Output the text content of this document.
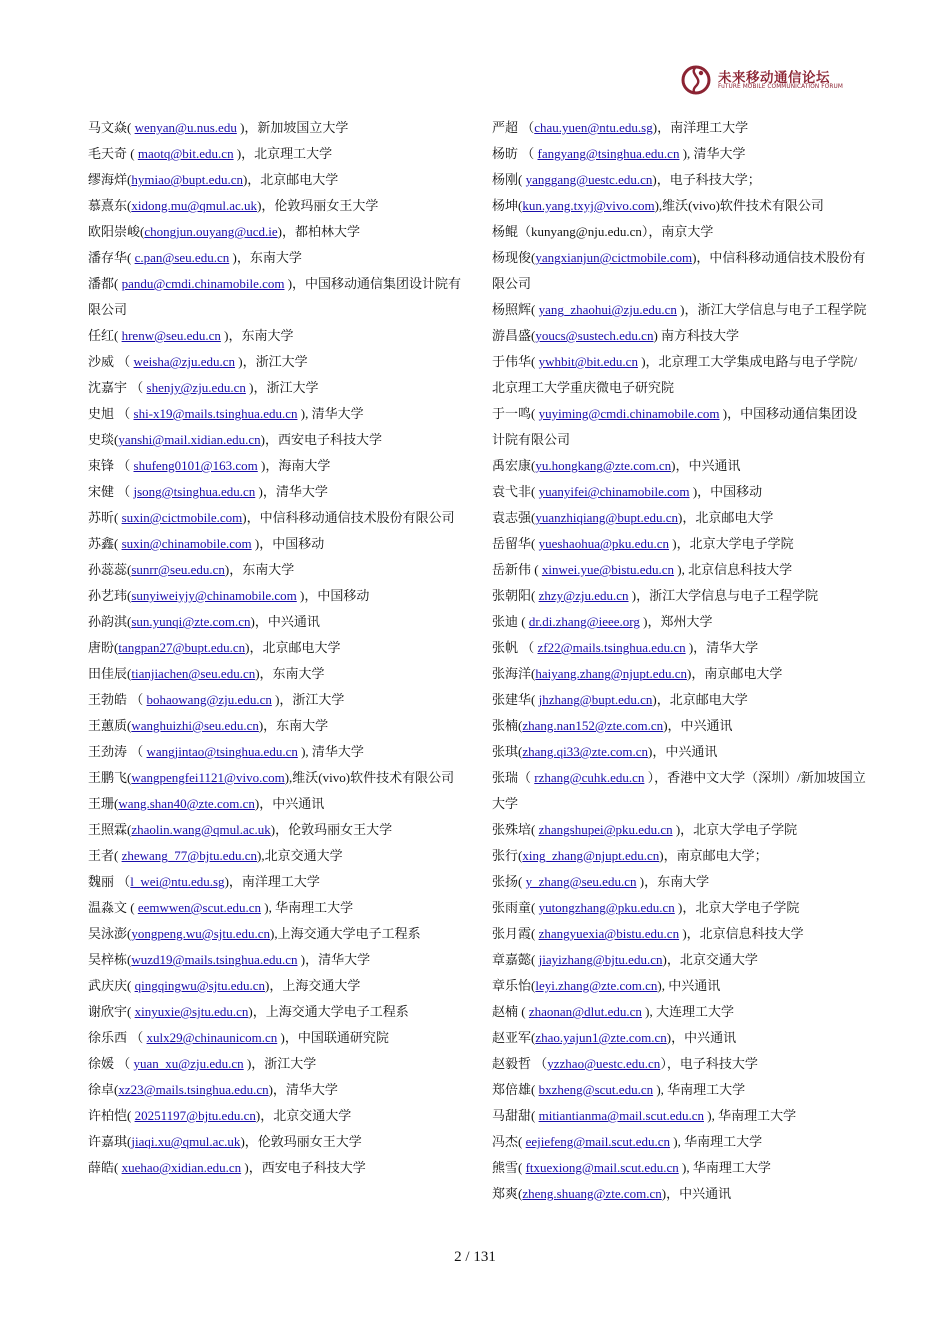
未来移动通信论坛
FuTURE MOBILE COMMUNICATION FORUM
马文焱( wenyan@u.nus.edu )，新加坡国立大学
毛天奇 ( maotq@bit.edu.cn )，北京理工大学
缪海烊(hymiao@bupt.edu.cn)，北京邮电大学
慕熹东(xidong.mu@qmul.ac.uk)，伦敦玛丽女王大学
欧阳崇峻(chongjun.ouyang@ucd.ie)，都柏林大学
潘存华( c.pan@seu.edu.cn )，东南大学
潘都( pandu@cmdi.chinamobile.com )，中国移动通信集团设计院有限公司
任红( hrenw@seu.edu.cn )，东南大学
沙威 （ weisha@zju.edu.cn )，浙江大学
沈嘉宇 （ shenjy@zju.edu.cn )，浙江大学
史旭 （ shi-x19@mails.tsinghua.edu.cn ), 清华大学
史琰(yanshi@mail.xidian.edu.cn)，西安电子科技大学
束锋 （ shufeng0101@163.com )，海南大学
宋健 （ jsong@tsinghua.edu.cn )，清华大学
苏昕( suxin@cictmobile.com)，中信科移动通信技术股份有限公司
苏鑫( suxin@chinamobile.com )，中国移动
孙蕊蕊(sunrr@seu.edu.cn)，东南大学
孙艺玮(sunyiweiyjy@chinamobile.com )，中国移动
孙韵淇(sun.yunqi@zte.com.cn)，中兴通讯
唐盼(tangpan27@bupt.edu.cn)，北京邮电大学
田佳辰(tianjiachen@seu.edu.cn)，东南大学
王勃皓 （ bohaowang@zju.edu.cn )，浙江大学
王蕙质(wanghuizhi@seu.edu.cn)，东南大学
王劲涛 （ wangjintao@tsinghua.edu.cn ), 清华大学
王鹏飞(wangpengfei1121@vivo.com),维沃(vivo)软件技术有限公司
王珊(wang.shan40@zte.com.cn)，中兴通讯
王照霖(zhaolin.wang@qmul.ac.uk)，伦敦玛丽女王大学
王者( zhewang_77@bjtu.edu.cn),北京交通大学
魏丽 （l_wei@ntu.edu.sg)，南洋理工大学
温淼文 ( eemwwen@scut.edu.cn ), 华南理工大学
吴泳澎(yongpeng.wu@sjtu.edu.cn),上海交通大学电子工程系
吴梓栋(wuzd19@mails.tsinghua.edu.cn )，清华大学
武庆庆( qingqingwu@sjtu.edu.cn)，上海交通大学
谢欣宇( xinyuxie@sjtu.edu.cn)，上海交通大学电子工程系
徐乐西 （ xulx29@chinaunicom.cn )，中国联通研究院
徐媛 （ yuan_xu@zju.edu.cn )，浙江大学
徐卓(xz23@mails.tsinghua.edu.cn)，清华大学
许柏恺( 20251197@bjtu.edu.cn)，北京交通大学
许嘉琪(jiaqi.xu@qmul.ac.uk)，伦敦玛丽女王大学
薛皓( xuehao@xidian.edu.cn )，西安电子科技大学
严超 （chau.yuen@ntu.edu.sg)，南洋理工大学
杨昉 （ fangyang@tsinghua.edu.cn ), 清华大学
杨刚( yanggang@uestc.edu.cn)，电子科技大学；
杨坤(kun.yang.txyj@vivo.com),维沃(vivo)软件技术有限公司
杨鲲（kunyang@nju.edu.cn），南京大学
杨现俊(yangxianjun@cictmobile.com)，中信科移动通信技术股份有限公司
杨照辉( yang_zhaohui@zju.edu.cn )，浙江大学信息与电子工程学院
游昌盛(youcs@sustech.edu.cn) 南方科技大学
于伟华( ywhbit@bit.edu.cn )，北京理工大学集成电路与电子学院/北京理工大学重庆微电子研究院
于一鸣( yuyiming@cmdi.chinamobile.com )，中国移动通信集团设计院有限公司
禹宏康(yu.hongkang@zte.com.cn)，中兴通讯
袁弋非( yuanyifei@chinamobile.com )，中国移动
袁志强(yuanzhiqiang@bupt.edu.cn)，北京邮电大学
岳留华( yueshaohua@pku.edu.cn )，北京大学电子学院
岳新伟 ( xinwei.yue@bistu.edu.cn ), 北京信息科技大学
张朝阳( zhzy@zju.edu.cn )，浙江大学信息与电子工程学院
张迪 ( dr.di.zhang@ieee.org )，郑州大学
张帆 （ zf22@mails.tsinghua.edu.cn )，清华大学
张海洋(haiyang.zhang@njupt.edu.cn)，南京邮电大学
张建华( jhzhang@bupt.edu.cn)，北京邮电大学
张楠(zhang.nan152@zte.com.cn)，中兴通讯
张琪(zhang.qi33@zte.com.cn)，中兴通讯
张瑞（ rzhang@cuhk.edu.cn ），香港中文大学（深圳）/新加坡国立大学
张殊培( zhangshupei@pku.edu.cn )，北京大学电子学院
张行(xing_zhang@njupt.edu.cn)，南京邮电大学；
张扬( y_zhang@seu.edu.cn )，东南大学
张雨童( yutongzhang@pku.edu.cn )，北京大学电子学院
张月霞( zhangyuexia@bistu.edu.cn )，北京信息科技大学
章嘉懿( jiayizhang@bjtu.edu.cn)，北京交通大学
章乐怡(leyi.zhang@zte.com.cn), 中兴通讯
赵楠 ( zhaonan@dlut.edu.cn ), 大连理工大学
赵亚军(zhao.yajun1@zte.com.cn)，中兴通讯
赵毅哲 （yzzhao@uestc.edu.cn），电子科技大学
郑倍雄( bxzheng@scut.edu.cn ), 华南理工大学
马甜甜( mitiantianma@mail.scut.edu.cn ), 华南理工大学
冯杰( eejiefeng@mail.scut.edu.cn ), 华南理工大学
熊雪( ftxuexiong@mail.scut.edu.cn ), 华南理工大学
郑爽(zheng.shuang@zte.com.cn)，中兴通讯
2 / 131
